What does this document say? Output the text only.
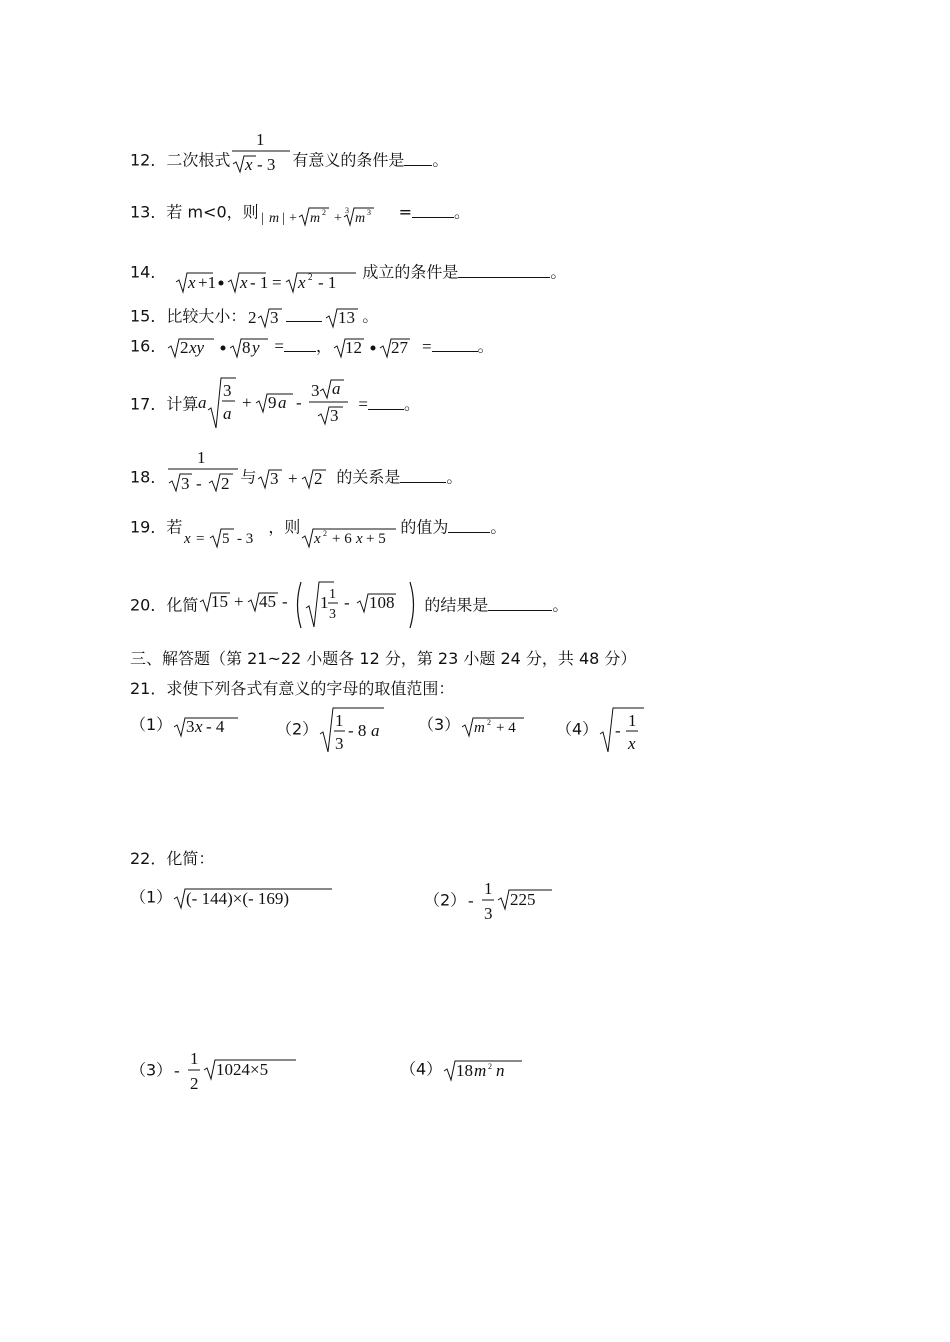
12．二次根式
1
x - 3 有意义的条件是 。
13．若 m<0，则 | m | + m 2 +
3
m 3 =	。
14．
x +1 x - 1 = x 2 - 1
成立的条件是	。
15．比较大小： 2 3	13 。
16． 2 xy 8 y = ， 12 27 =	。
17．计算 a
3
a
+ 9 a -
3 a
3
= 。
18．
1
3 - 2 与 3 + 2 的关系是	。
19．若
x = 5 - 3
，则
x 2 + 6 x + 5
的值为	。
20．化简 15 + 45 - 1 1
3
- 108 的结果是	。
三、解答题（第 21~22 小题各 12 分，第 23 小题 24 分，共 48 分）
21．求使下列各式有意义的字母的取值范围：
（1） 3 x - 4	（2） 1
3
- 8 a （3） m 2 + 4	（4） -
1
x
22．化简：
（1） (- 144)×(- 169)	（2） -
1
3
225
（3） -
1
2
1024×5	（4） 18 m 2 n
